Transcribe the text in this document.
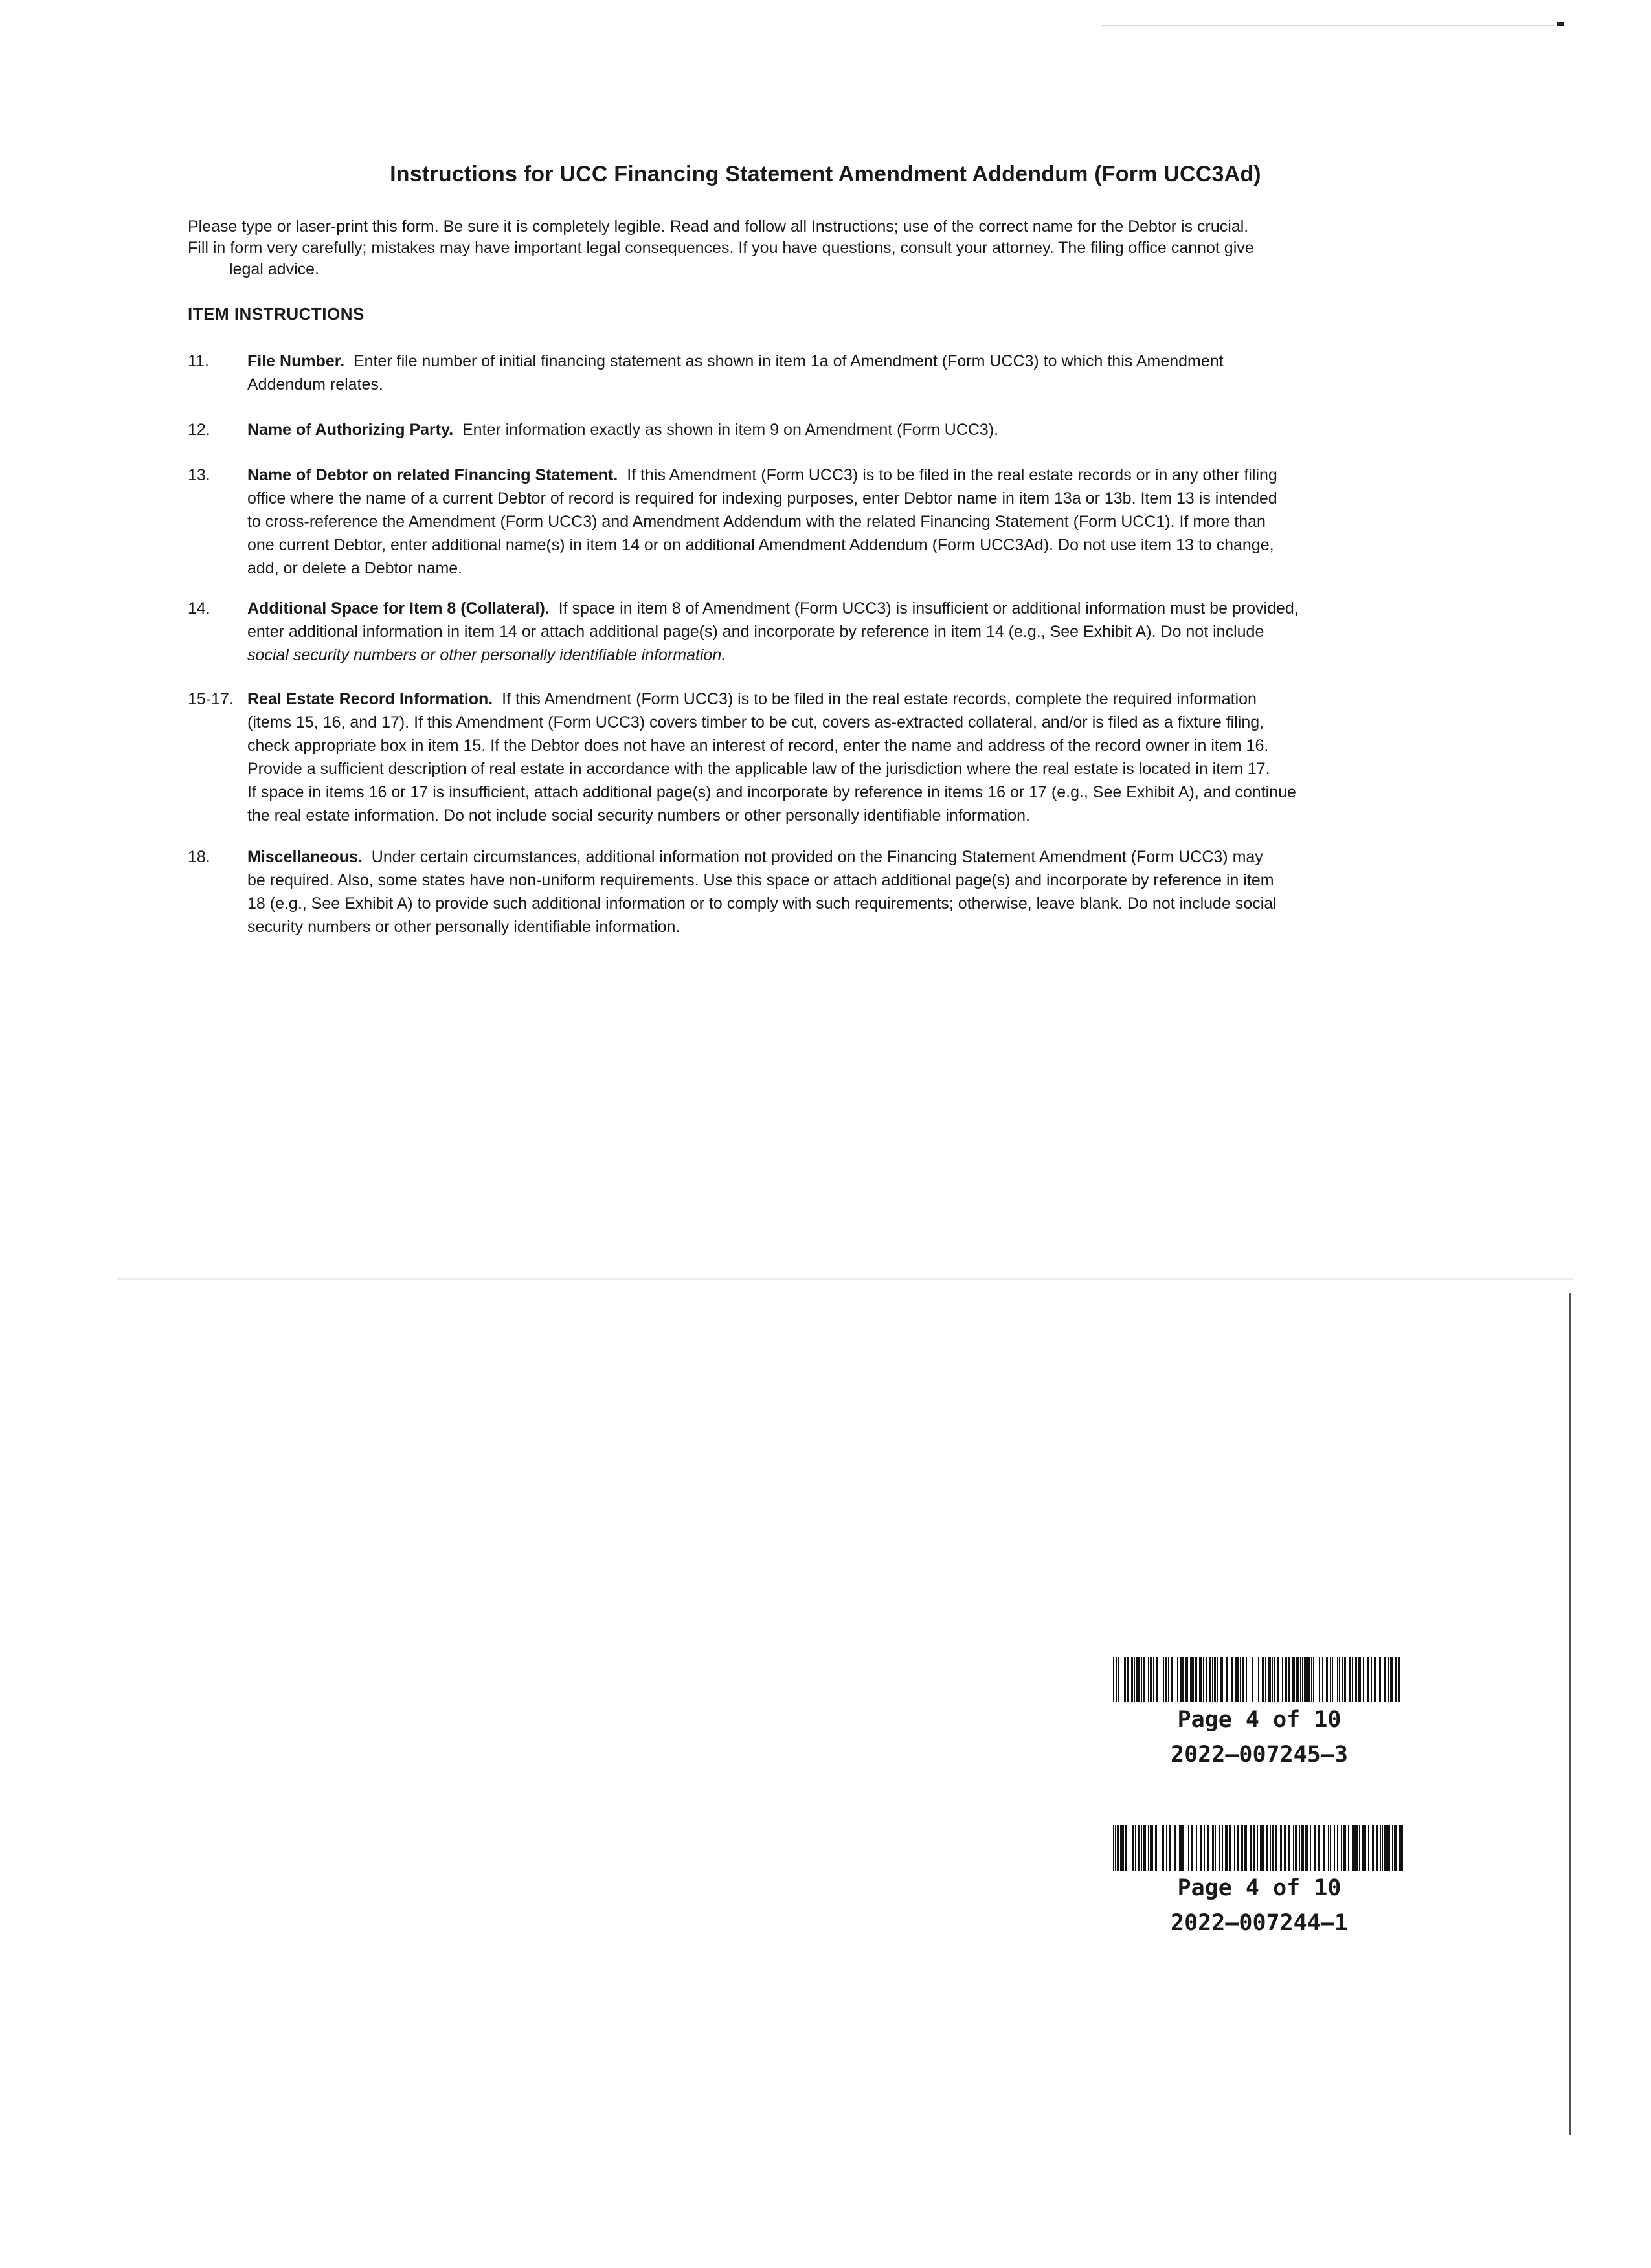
Instructions for UCC Financing Statement Amendment Addendum (Form UCC3Ad)

Please type or laser-print this form. Be sure it is completely legible. Read and follow all Instructions; use of the correct name for the Debtor is crucial.
Fill in form very carefully; mistakes may have important legal consequences. If you have questions, consult your attorney. The filing office cannot give
legal advice.

ITEM INSTRUCTIONS
11.	File Number. Enter file number of initial financing statement as shown in item 1a of Amendment (Form UCC3) to which this Amendment
Addendum relates.
12.	Name of Authorizing Party. Enter information exactly as shown in item 9 on Amendment (Form UCC3).
13.	Name of Debtor on related Financing Statement. If this Amendment (Form UCC3) is to be filed in the real estate records or in any other filing
office where the name of a current Debtor of record is required for indexing purposes, enter Debtor name in item 13a or 13b. Item 13 is intended
to cross-reference the Amendment (Form UCC3) and Amendment Addendum with the related Financing Statement (Form UCC1). If more than
one current Debtor, enter additional name(s) in item 14 or on additional Amendment Addendum (Form UCC3Ad). Do not use item 13 to change,
add, or delete a Debtor name.
14.	Additional Space for Item 8 (Collateral). If space in item 8 of Amendment (Form UCC3) is insufficient or additional information must be provided,
enter additional information in item 14 or attach additional page(s) and incorporate by reference in item 14 (e.g., See Exhibit A). Do not include
social security numbers or other personally identifiable information.
15-17. Real Estate Record Information. If this Amendment (Form UCC3) is to be filed in the real estate records, complete the required information
(items 15, 16, and 17). If this Amendment (Form UCC3) covers timber to be cut, covers as-extracted collateral, and/or is filed as a fixture filing,
check appropriate box in item 15. If the Debtor does not have an interest of record, enter the name and address of the record owner in item 16.
Provide a sufficient description of real estate in accordance with the applicable law of the jurisdiction where the real estate is located in item 17.
If space in items 16 or 17 is insufficient, attach additional page(s) and incorporate by reference in items 16 or 17 (e.g., See Exhibit A), and continue
the real estate information. Do not include social security numbers or other personally identifiable information.
18.	Miscellaneous. Under certain circumstances, additional information not provided on the Financing Statement Amendment (Form UCC3) may
be required. Also, some states have non-uniform requirements. Use this space or attach additional page(s) and incorporate by reference in item
18 (e.g., See Exhibit A) to provide such additional information or to comply with such requirements; otherwise, leave blank. Do not include social
security numbers or other personally identifiable information.
Page 4 of 10
2022–007245–3
Page 4 of 10
2022–007244–1
